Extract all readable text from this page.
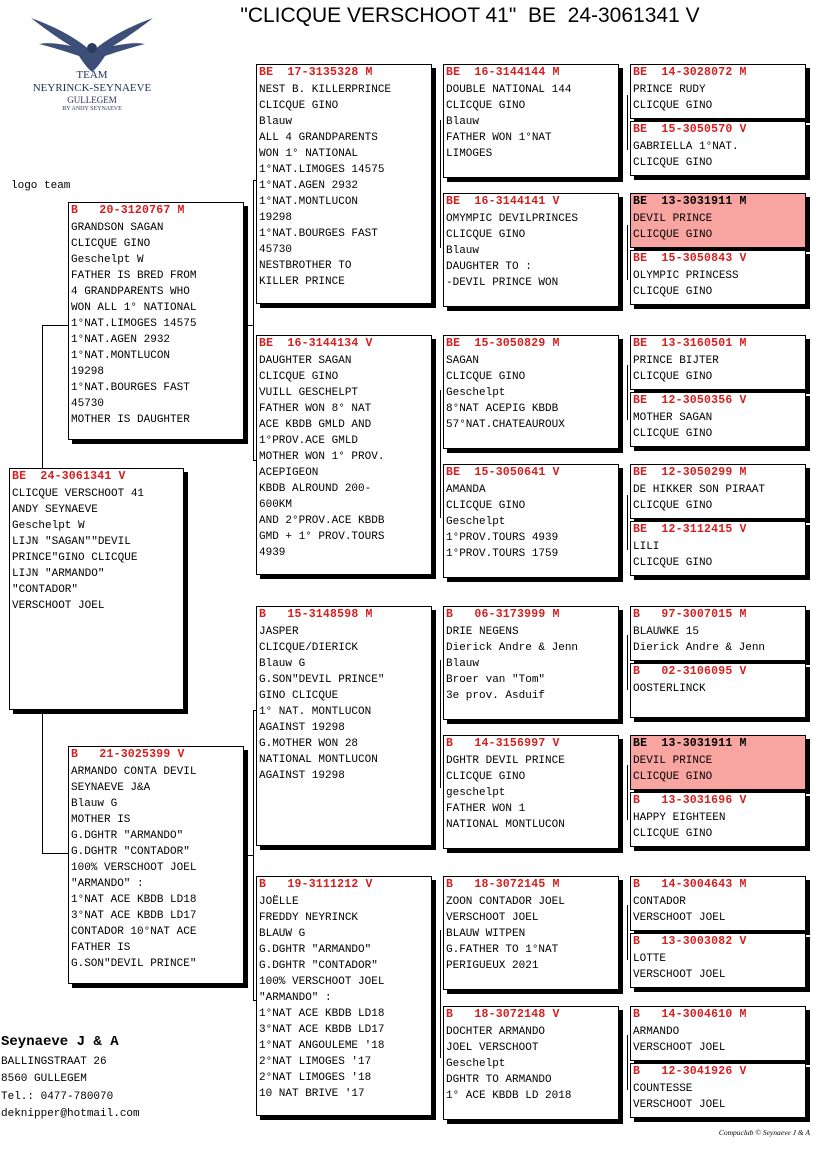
"CLICQUE VERSCHOOT 41"  BE  24-3061341 V
TEAM
NEYRINCK-SEYNAEVE
GULLEGEM
BY ANDY SEYNAEVE
logo team
BE  24-3061341 V
CLICQUE VERSCHOOT 41
ANDY SEYNAEVE
Geschelpt W
LIJN "SAGAN""DEVIL
PRINCE"GINO CLICQUE
LIJN "ARMANDO"
"CONTADOR"
VERSCHOOT JOEL
B   20-3120767 M
GRANDSON SAGAN
CLICQUE GINO
Geschelpt W
FATHER IS BRED FROM
4 GRANDPARENTS WHO
WON ALL 1° NATIONAL
1°NAT.LIMOGES 14575
1°NAT.AGEN 2932
1°NAT.MONTLUCON
19298
1°NAT.BOURGES FAST
45730
MOTHER IS DAUGHTER
B   21-3025399 V
ARMANDO CONTA DEVIL
SEYNAEVE J&A
Blauw G
MOTHER IS
G.DGHTR "ARMANDO"
G.DGHTR "CONTADOR"
100% VERSCHOOT JOEL
"ARMANDO" :
1°NAT ACE KBDB LD18
3°NAT ACE KBDB LD17
CONTADOR 10°NAT ACE
FATHER IS
G.SON"DEVIL PRINCE"
BE  17-3135328 M
NEST B. KILLERPRINCE
CLICQUE GINO
Blauw
ALL 4 GRANDPARENTS
WON 1° NATIONAL
1°NAT.LIMOGES 14575
1°NAT.AGEN 2932
1°NAT.MONTLUCON
19298
1°NAT.BOURGES FAST
45730
NESTBROTHER TO
KILLER PRINCE
BE  16-3144134 V
DAUGHTER SAGAN
CLICQUE GINO
VUILL GESCHELPT
FATHER WON 8° NAT
ACE KBDB GMLD AND
1°PROV.ACE GMLD
MOTHER WON 1° PROV.
ACEPIGEON
KBDB ALROUND 200-
600KM
AND 2°PROV.ACE KBDB
GMD + 1° PROV.TOURS
4939
B   15-3148598 M
JASPER
CLICQUE/DIERICK
Blauw G
G.SON"DEVIL PRINCE"
GINO CLICQUE
1° NAT. MONTLUCON
AGAINST 19298
G.MOTHER WON 28
NATIONAL MONTLUCON
AGAINST 19298
B   19-3111212 V
JOËLLE
FREDDY NEYRINCK
BLAUW G
G.DGHTR "ARMANDO"
G.DGHTR "CONTADOR"
100% VERSCHOOT JOEL
"ARMANDO" :
1°NAT ACE KBDB LD18
3°NAT ACE KBDB LD17
1°NAT ANGOULEME '18
2°NAT LIMOGES '17
2°NAT LIMOGES '18
10 NAT BRIVE '17
BE  16-3144144 M
DOUBLE NATIONAL 144
CLICQUE GINO
Blauw
FATHER WON 1°NAT
LIMOGES
BE  16-3144141 V
OMYMPIC DEVILPRINCES
CLICQUE GINO
Blauw
DAUGHTER TO :
-DEVIL PRINCE WON
BE  15-3050829 M
SAGAN
CLICQUE GINO
Geschelpt
8°NAT ACEPIG KBDB
57°NAT.CHATEAUROUX
BE  15-3050641 V
AMANDA
CLICQUE GINO
Geschelpt
1°PROV.TOURS 4939
1°PROV.TOURS 1759
B   06-3173999 M
DRIE NEGENS
Dierick Andre & Jenn
Blauw
Broer van "Tom"
3e prov. Asduif
B   14-3156997 V
DGHTR DEVIL PRINCE
CLICQUE GINO
geschelpt
FATHER WON 1
NATIONAL MONTLUCON
B   18-3072145 M
ZOON CONTADOR JOEL
VERSCHOOT JOEL
BLAUW WITPEN
G.FATHER TO 1°NAT
PERIGUEUX 2021
B   18-3072148 V
DOCHTER ARMANDO
JOEL VERSCHOOT
Geschelpt
DGHTR TO ARMANDO
1° ACE KBDB LD 2018
BE  14-3028072 M
PRINCE RUDY
CLICQUE GINO
BE  15-3050570 V
GABRIELLA 1°NAT.
CLICQUE GINO
BE  13-3031911 M
DEVIL PRINCE
CLICQUE GINO
BE  15-3050843 V
OLYMPIC PRINCESS
CLICQUE GINO
BE  13-3160501 M
PRINCE BIJTER
CLICQUE GINO
BE  12-3050356 V
MOTHER SAGAN
CLICQUE GINO
BE  12-3050299 M
DE HIKKER SON PIRAAT
CLICQUE GINO
BE  12-3112415 V
LILI
CLICQUE GINO
B   97-3007015 M
BLAUWKE 15
Dierick Andre & Jenn
B   02-3106095 V
OOSTERLINCK
BE  13-3031911 M
DEVIL PRINCE
CLICQUE GINO
B   13-3031696 V
HAPPY EIGHTEEN
CLICQUE GINO
B   14-3004643 M
CONTADOR
VERSCHOOT JOEL
B   13-3003082 V
LOTTE
VERSCHOOT JOEL
B   14-3004610 M
ARMANDO
VERSCHOOT JOEL
B   12-3041926 V
COUNTESSE
VERSCHOOT JOEL
Seynaeve J & A
BALLINGSTRAAT 26
8560 GULLEGEM
Tel.: 0477-780070
deknipper@hotmail.com
Compuclub © Seynaeve J & A
